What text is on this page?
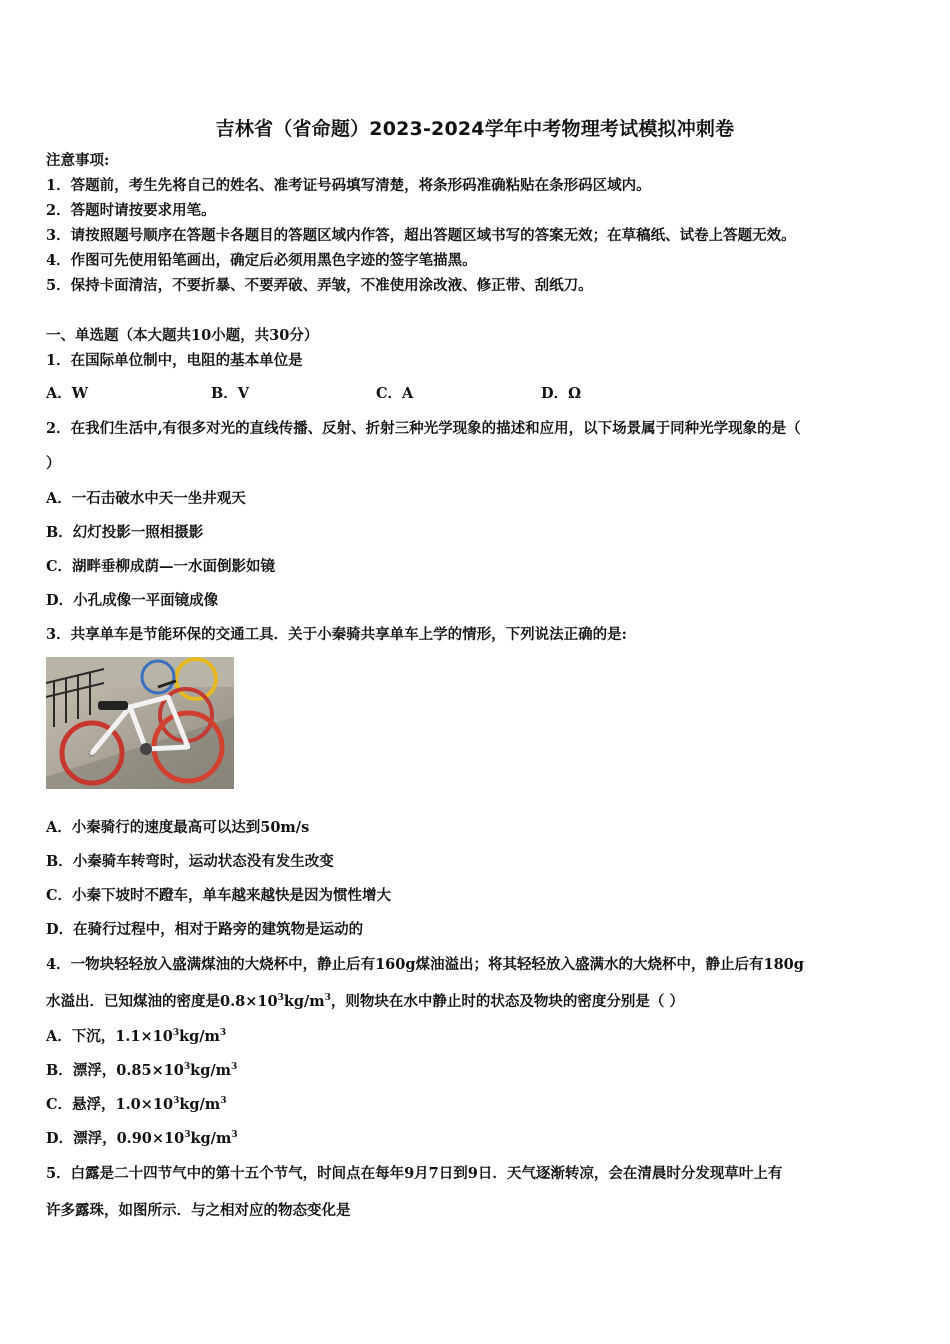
吉林省（省命题）2023-2024学年中考物理考试模拟冲刺卷
注意事项:
1．答题前，考生先将自己的姓名、准考证号码填写清楚，将条形码准确粘贴在条形码区域内。
2．答题时请按要求用笔。
3．请按照题号顺序在答题卡各题目的答题区域内作答，超出答题区域书写的答案无效；在草稿纸、试卷上答题无效。
4．作图可先使用铅笔画出，确定后必须用黑色字迹的签字笔描黑。
5．保持卡面清洁，不要折暴、不要弄破、弄皱，不准使用涂改液、修正带、刮纸刀。
一、单选题（本大题共10小题，共30分）
1．在国际单位制中，电阻的基本单位是
A．W	B．V	C．A	D．Ω
2．在我们生活中,有很多对光的直线传播、反射、折射三种光学现象的描述和应用，以下场景属于同种光学现象的是（
）
A．一石击破水中天一坐井观天
B．幻灯投影一照相摄影
C．湖畔垂柳成荫—一水面倒影如镜
D．小孔成像一平面镜成像
3．共享单车是节能环保的交通工具．关于小秦骑共享单车上学的情形，下列说法正确的是:
A．小秦骑行的速度最高可以达到50m/s
B．小秦骑车转弯时，运动状态没有发生改变
C．小秦下坡时不蹬车，单车越来越快是因为惯性增大
D．在骑行过程中，相对于路旁的建筑物是运动的
4．一物块轻轻放入盛满煤油的大烧杯中，静止后有160g煤油溢出；将其轻轻放入盛满水的大烧杯中，静止后有180g
水溢出．已知煤油的密度是$0.8\times 10^3kg/m^3$，则物块在水中静止时的状态及物块的密度分别是（ ）
A．下沉，$1.1\times 10^3kg/m^3$
B．漂浮，$0.85\times 10^3kg/m^3$
C．悬浮，$1.0\times 10^3kg/m^3$
D．漂浮，$0.90\times 10^3kg/m^3$
5．白露是二十四节气中的第十五个节气，时间点在每年9月7日到9日．天气逐渐转凉，会在清晨时分发现草叶上有
许多露珠，如图所示．与之相对应的物态变化是
